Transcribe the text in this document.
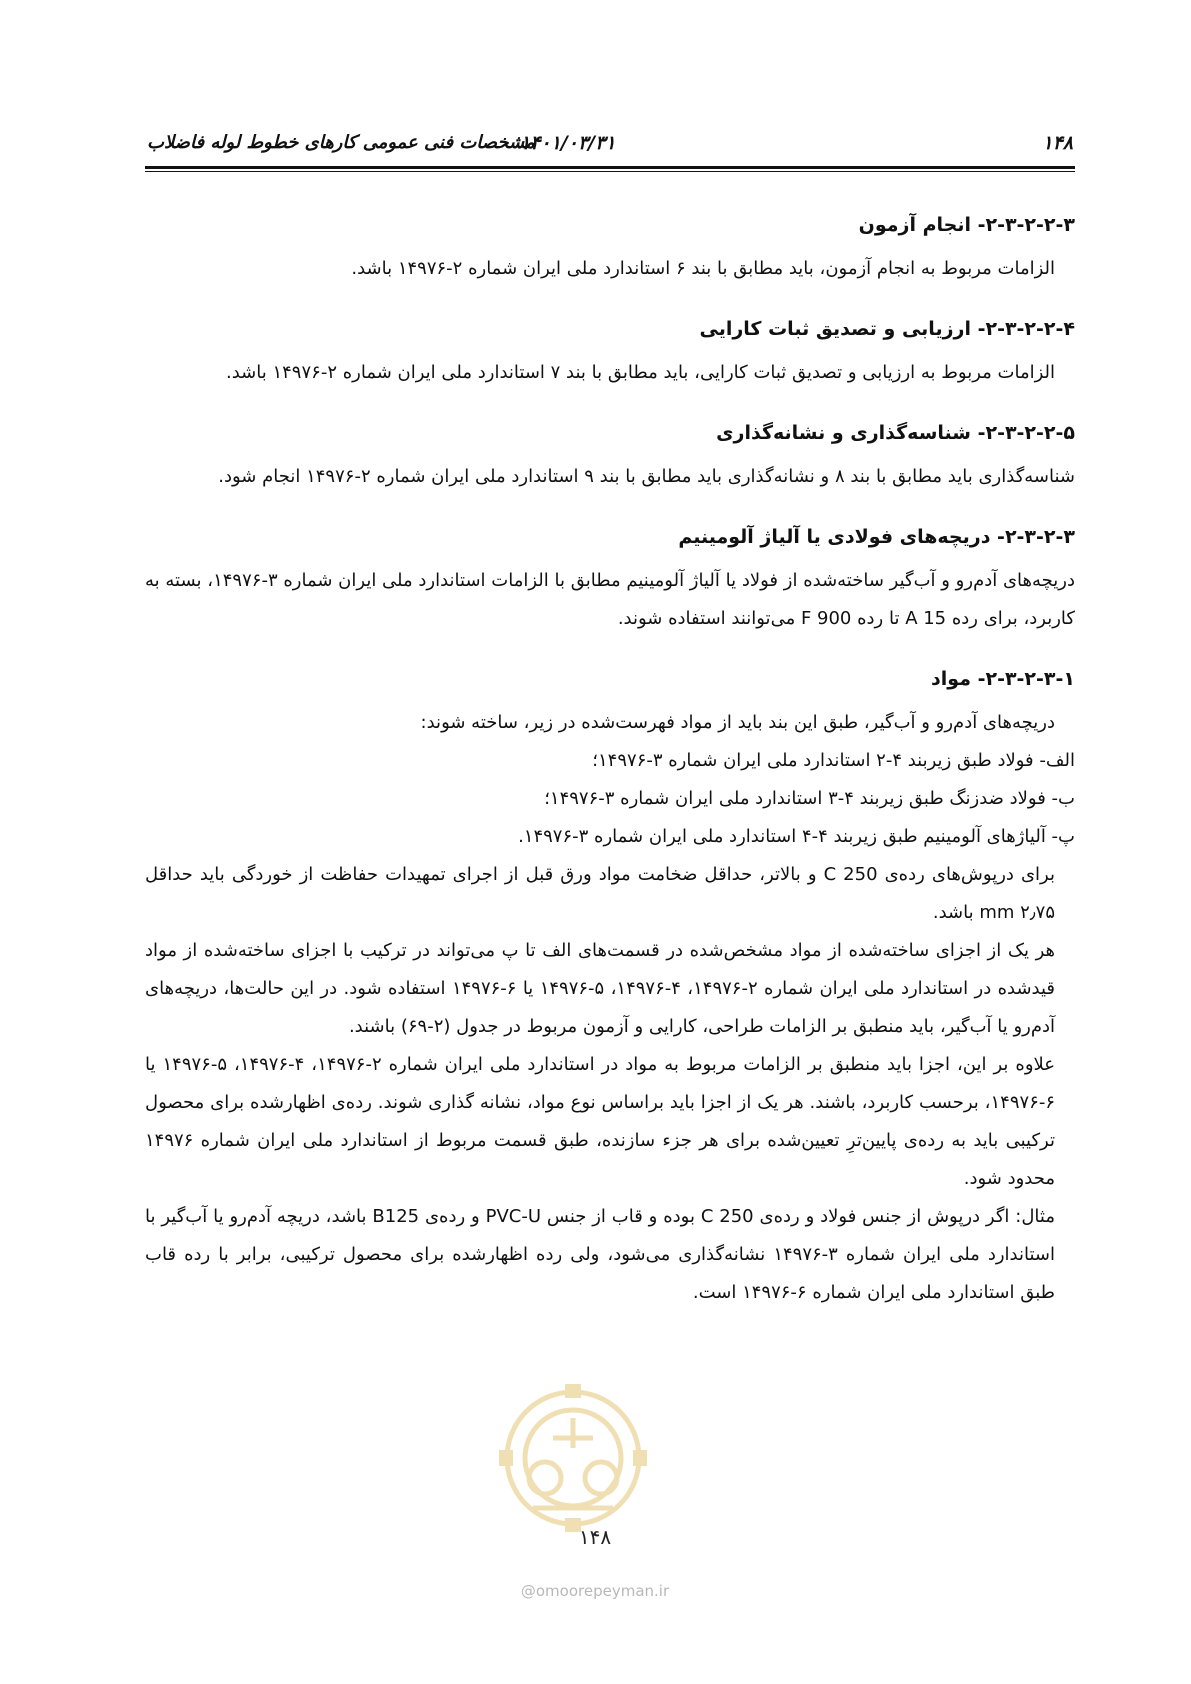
۱۴۸
۱۴۰۱/۰۳/۳۱
مشخصات فنی عمومی کارهای خطوط لوله فاضلاب

۲-۳-۲-۲-۳- انجام آزمون

الزامات مربوط به انجام آزمون، باید مطابق با بند ۶ استاندارد ملی ایران شماره ۲-۱۴۹۷۶ باشد.

۲-۳-۲-۲-۴- ارزیابی و تصدیق ثبات کارایی

الزامات مربوط به ارزیابی و تصدیق ثبات کارایی، باید مطابق با بند ۷ استاندارد ملی ایران شماره ۲-۱۴۹۷۶ باشد.

۲-۳-۲-۲-۵- شناسه‌گذاری و نشانه‌گذاری

شناسه‌گذاری باید مطابق با بند ۸ و نشانه‌گذاری باید مطابق با بند ۹ استاندارد ملی ایران شماره ۲-۱۴۹۷۶ انجام شود.

۲-۳-۲-۳- دریچه‌های فولادی یا آلیاژ آلومینیم

دریچه‌های آدم‌رو و آب‌گیر ساخته‌شده از فولاد یا آلیاژ آلومینیم مطابق با الزامات استاندارد ملی ایران شماره ۳-۱۴۹۷۶، بسته به کاربرد، برای رده A 15 تا رده F 900 می‌توانند استفاده شوند.

۲-۳-۲-۳-۱- مواد

دریچه‌های آدم‌رو و آب‌گیر، طبق این بند باید از مواد فهرست‌شده در زیر، ساخته شوند:

الف- فولاد طبق زیربند ۴-۲ استاندارد ملی ایران شماره ۳-۱۴۹۷۶؛

ب- فولاد ضدزنگ طبق زیربند ۴-۳ استاندارد ملی ایران شماره ۳-۱۴۹۷۶؛

پ- آلیاژهای آلومینیم طبق زیربند ۴-۴ استاندارد ملی ایران شماره ۳-۱۴۹۷۶.

برای درپوش‌های رده‌ی C 250 و بالاتر، حداقل ضخامت مواد ورق قبل از اجرای تمهیدات حفاظت از خوردگی باید حداقل ۲٫۷۵ mm باشد.

هر یک از اجزای ساخته‌شده از مواد مشخص‌شده در قسمت‌های الف تا پ می‌تواند در ترکیب با اجزای ساخته‌شده از مواد قیدشده در استاندارد ملی ایران شماره ۲-۱۴۹۷۶، ۴-۱۴۹۷۶، ۵-۱۴۹۷۶ یا ۶-۱۴۹۷۶ استفاده شود. در این حالت‌ها، دریچه‌های آدم‌رو یا آب‌گیر، باید منطبق بر الزامات طراحی، کارایی و آزمون مربوط در جدول (۲-۶۹) باشند.

علاوه بر این، اجزا باید منطبق بر الزامات مربوط به مواد در استاندارد ملی ایران شماره ۲-۱۴۹۷۶، ۴-۱۴۹۷۶، ۵-۱۴۹۷۶ یا ۶-۱۴۹۷۶، برحسب کاربرد، باشند. هر یک از اجزا باید براساس نوع مواد، نشانه گذاری شوند. رده‌ی اظهارشده برای محصول ترکیبی باید به رده‌ی پایین‌ترِ تعیین‌شده برای هر جزء سازنده، طبق قسمت مربوط از استاندارد ملی ایران شماره ۱۴۹۷۶ محدود شود.

مثال: اگر درپوش از جنس فولاد و رده‌ی C 250 بوده و قاب از جنس PVC-U و رده‌ی B125 باشد، دریچه آدم‌رو یا آب‌گیر با استاندارد ملی ایران شماره ۳-۱۴۹۷۶ نشانه‌گذاری می‌شود، ولی رده اظهارشده برای محصول ترکیبی، برابر با رده قاب طبق استاندارد ملی ایران شماره ۶-۱۴۹۷۶ است.

۱۴۸
@omoorepeyman.ir
